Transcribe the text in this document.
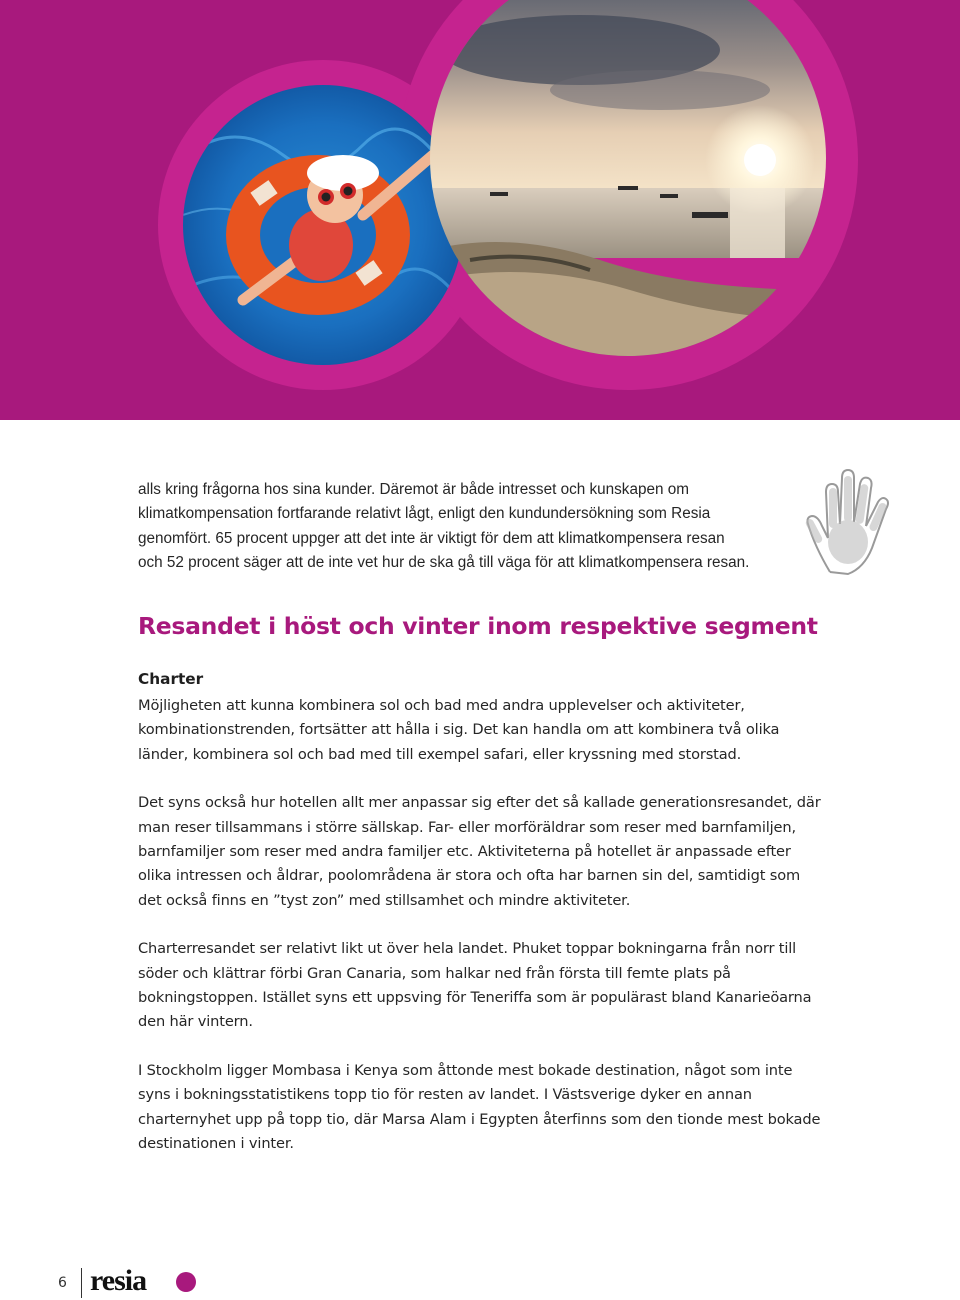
alls kring frågorna hos sina kunder. Däremot är både intresset och kunskapen om

klimatkompensation fortfarande relativt lågt, enligt den kundundersökning som Resia

genomfört. 65 procent uppger att det inte är viktigt för dem att klimatkompensera resan

och 52 procent säger att de inte vet hur de ska gå till väga för att klimatkompensera resan.

Resandet i höst och vinter inom respektive segment
Charter

Möjligheten att kunna kombinera sol och bad med andra upplevelser och aktiviteter, kombinationstrenden, fortsätter att hålla i sig. Det kan handla om att kombinera två olika länder, kombinera sol och bad med till exempel safari, eller kryssning med storstad.

Det syns också hur hotellen allt mer anpassar sig efter det så kallade generationsresandet, där man reser tillsammans i större sällskap. Far- eller morföräldrar som reser med barnfamiljen, barnfamiljer som reser med andra familjer etc. Aktiviteterna på hotellet är anpassade efter olika intressen och åldrar, poolområdena är stora och ofta har barnen sin del, samtidigt som det också finns en ”tyst zon” med stillsamhet och mindre aktiviteter.

Charterresandet ser relativt likt ut över hela landet. Phuket toppar bokningarna från norr till söder och klättrar förbi Gran Canaria, som halkar ned från första till femte plats på bokningstoppen. Istället syns ett uppsving för Teneriffa som är populärast bland Kanarieöarna den här vintern.

I Stockholm ligger Mombasa i Kenya som åttonde mest bokade destination, något som inte syns i bokningsstatistikens topp tio för resten av landet. I Västsverige dyker en annan charternyhet upp på topp tio, där Marsa Alam i Egypten återfinns som den tionde mest bokade destinationen i vinter.

6 resia
